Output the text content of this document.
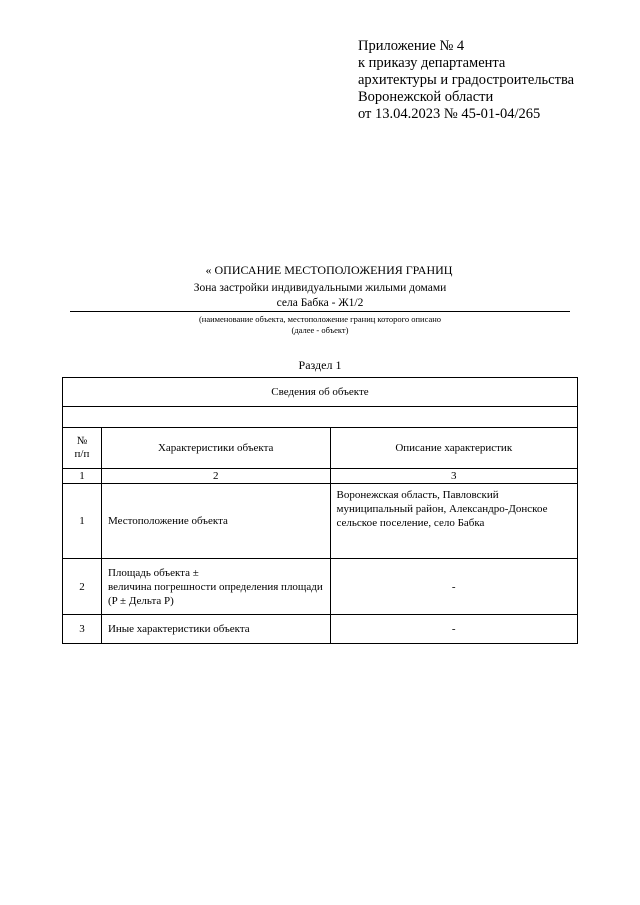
Приложение № 4
к приказу департамента
архитектуры и градостроительства
Воронежской области
от 13.04.2023 № 45-01-04/265
« ОПИСАНИЕ МЕСТОПОЛОЖЕНИЯ ГРАНИЦ
Зона застройки индивидуальными жилыми домами
села Бабка - Ж1/2
(наименование объекта, местоположение границ которого описано
(далее - объект)
Раздел 1
Сведения об объекте		

№
п/п	Характеристики объекта	Описание характеристик
1	2	3
1	Местоположение объекта	Воронежская область, Павловский муниципальный район, Александро-Донское сельское поселение, село Бабка
2	Площадь объекта ±
величина погрешности определения площади (P ± Дельта P)	-
3	Иные характеристики объекта	-
